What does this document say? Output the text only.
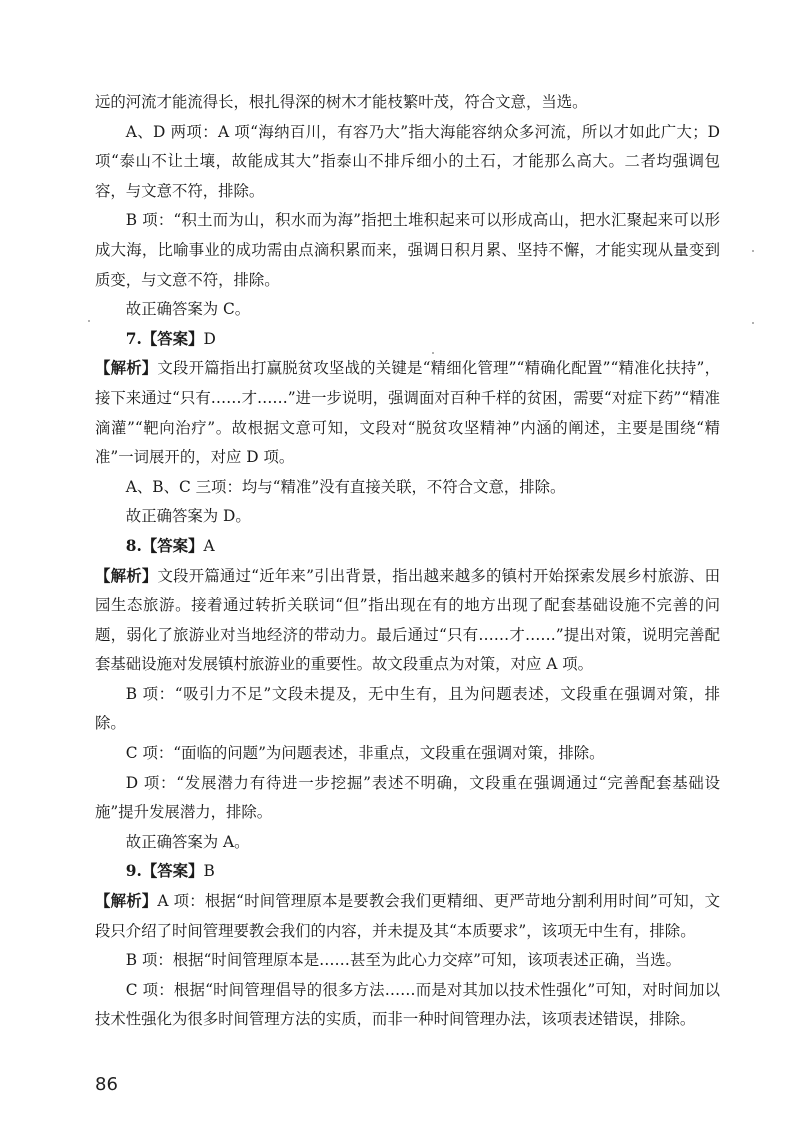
远的河流才能流得长，根扎得深的树木才能枝繁叶茂，符合文意，当选。

A、D 两项：A 项“海纳百川，有容乃大”指大海能容纳众多河流，所以才如此广大；D 项“泰山不让土壤，故能成其大”指泰山不排斥细小的土石，才能那么高大。二者均强调包容，与文意不符，排除。

B 项：“积土而为山，积水而为海”指把土堆积起来可以形成高山，把水汇聚起来可以形成大海，比喻事业的成功需由点滴积累而来，强调日积月累、坚持不懈，才能实现从量变到质变，与文意不符，排除。

故正确答案为 C。

7.【答案】D

【解析】文段开篇指出打赢脱贫攻坚战的关键是“精细化管理”“精确化配置”“精准化扶持”，接下来通过“只有……才……”进一步说明，强调面对百种千样的贫困，需要“对症下药”“精准滴灌”“靶向治疗”。故根据文意可知，文段对“脱贫攻坚精神”内涵的阐述，主要是围绕“精准”一词展开的，对应 D 项。

A、B、C 三项：均与“精准”没有直接关联，不符合文意，排除。

故正确答案为 D。

8.【答案】A

【解析】文段开篇通过“近年来”引出背景，指出越来越多的镇村开始探索发展乡村旅游、田园生态旅游。接着通过转折关联词“但”指出现在有的地方出现了配套基础设施不完善的问题，弱化了旅游业对当地经济的带动力。最后通过“只有……才……”提出对策，说明完善配套基础设施对发展镇村旅游业的重要性。故文段重点为对策，对应 A 项。

B 项：“吸引力不足”文段未提及，无中生有，且为问题表述，文段重在强调对策，排除。

C 项：“面临的问题”为问题表述，非重点，文段重在强调对策，排除。

D 项：“发展潜力有待进一步挖掘”表述不明确，文段重在强调通过“完善配套基础设施”提升发展潜力，排除。

故正确答案为 A。

9.【答案】B

【解析】A 项：根据“时间管理原本是要教会我们更精细、更严苛地分割利用时间”可知，文段只介绍了时间管理要教会我们的内容，并未提及其“本质要求”，该项无中生有，排除。

B 项：根据“时间管理原本是……甚至为此心力交瘁”可知，该项表述正确，当选。

C 项：根据“时间管理倡导的很多方法……而是对其加以技术性强化”可知，对时间加以技术性强化为很多时间管理方法的实质，而非一种时间管理办法，该项表述错误，排除。

86
